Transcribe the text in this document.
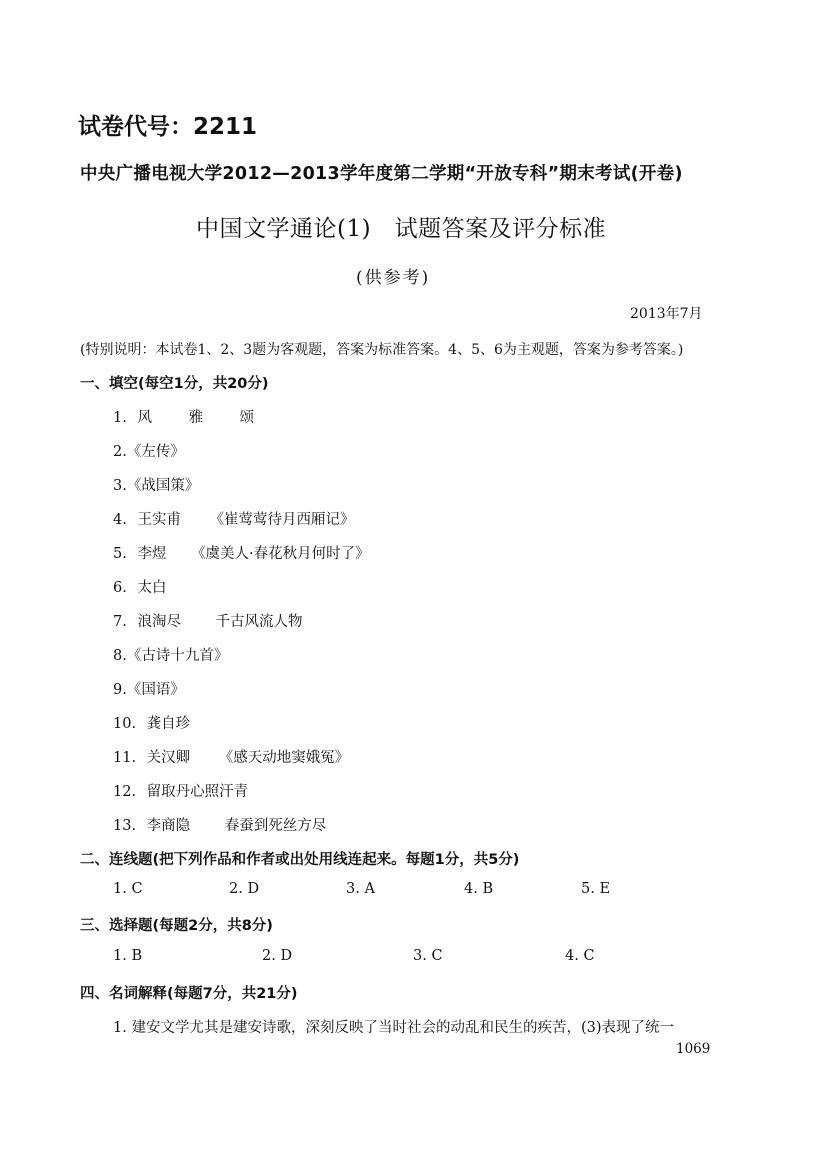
试卷代号：2211
中央广播电视大学2012—2013学年度第二学期“开放专科”期末考试(开卷)
中国文学通论(1)　试题答案及评分标准
(供参考)
2013年7月
(特别说明：本试卷1、2、3题为客观题，答案为标准答案。4、5、6为主观题，答案为参考答案。)
一、填空(每空1分，共20分)
1. 风	雅	颂
2.《左传》
3.《战国策》
4. 王实甫 《崔莺莺待月西厢记》
5. 李煜 《虞美人·春花秋月何时了》
6. 太白
7. 浪淘尽 千古风流人物
8.《古诗十九首》
9.《国语》
10. 龚自珍
11. 关汉卿 《感天动地窦娥冤》
12. 留取丹心照汗青
13. 李商隐 春蚕到死丝方尽
二、连线题(把下列作品和作者或出处用线连起来。每题1分，共5分)
1. C	2. D	3. A	4. B	5. E
三、选择题(每题2分，共8分)
1. B	2. D	3. C	4. C
四、名词解释(每题7分，共21分)
1. 建安文学尤其是建安诗歌，深刻反映了当时社会的动乱和民生的疾苦，(3)表现了统一
1069
